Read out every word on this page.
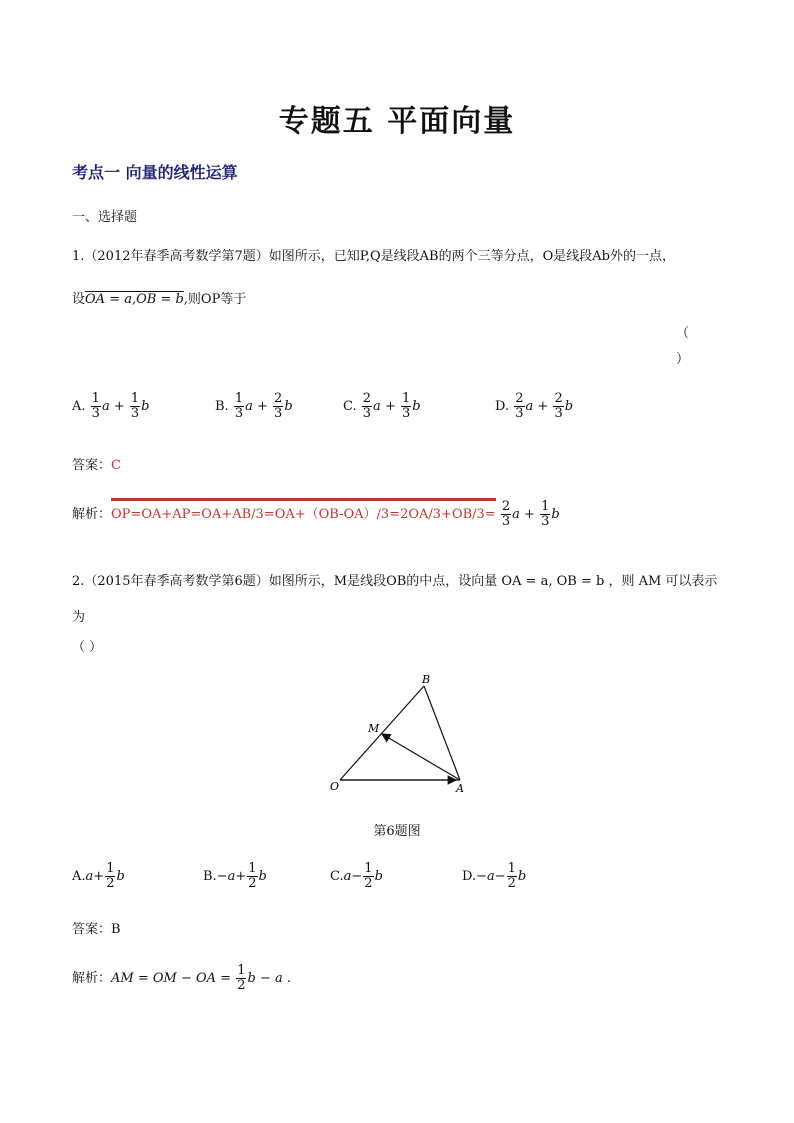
专题五 平面向量
考点一 向量的线性运算
一、选择题
1.（2012年春季高考数学第7题）如图所示，已知P,Q是线段AB的两个三等分点，O是线段Ab外的一点，
设OA = a,OB = b,则OP等于
（
）
A. $\frac{1}{3}$ $a + \frac{1}{3}$ b	B. $\frac{1}{3}$ $a + \frac{2}{3}$ b	C. $\frac{2}{3}$ $a + \frac{1}{3}$ b	D. $\frac{2}{3}$ $a + \frac{2}{3}$ b
答案：C
解析：$OP=OA+AP=OA+AB/3=OA+(OB-OA)/3=2OA/3+OB/3= \frac{2}{3}$ $a + \frac{1}{3}$ b
2.（2015年春季高考数学第6题）如图所示，M是线段OB的中点，设向量 OA = a, OB = b ，则 AM 可以表示
为
（ ）
O	A
B
M
第6题图
$A.a+ \frac{1}{2}$ b	$B.-a+ \frac{1}{2}$ b	$C.a- \frac{1}{2}$ b	$D.-a- \frac{1}{2}$ b
答案：B
解析：AM = OM − OA = $\frac{1}{2}$ b − a .
